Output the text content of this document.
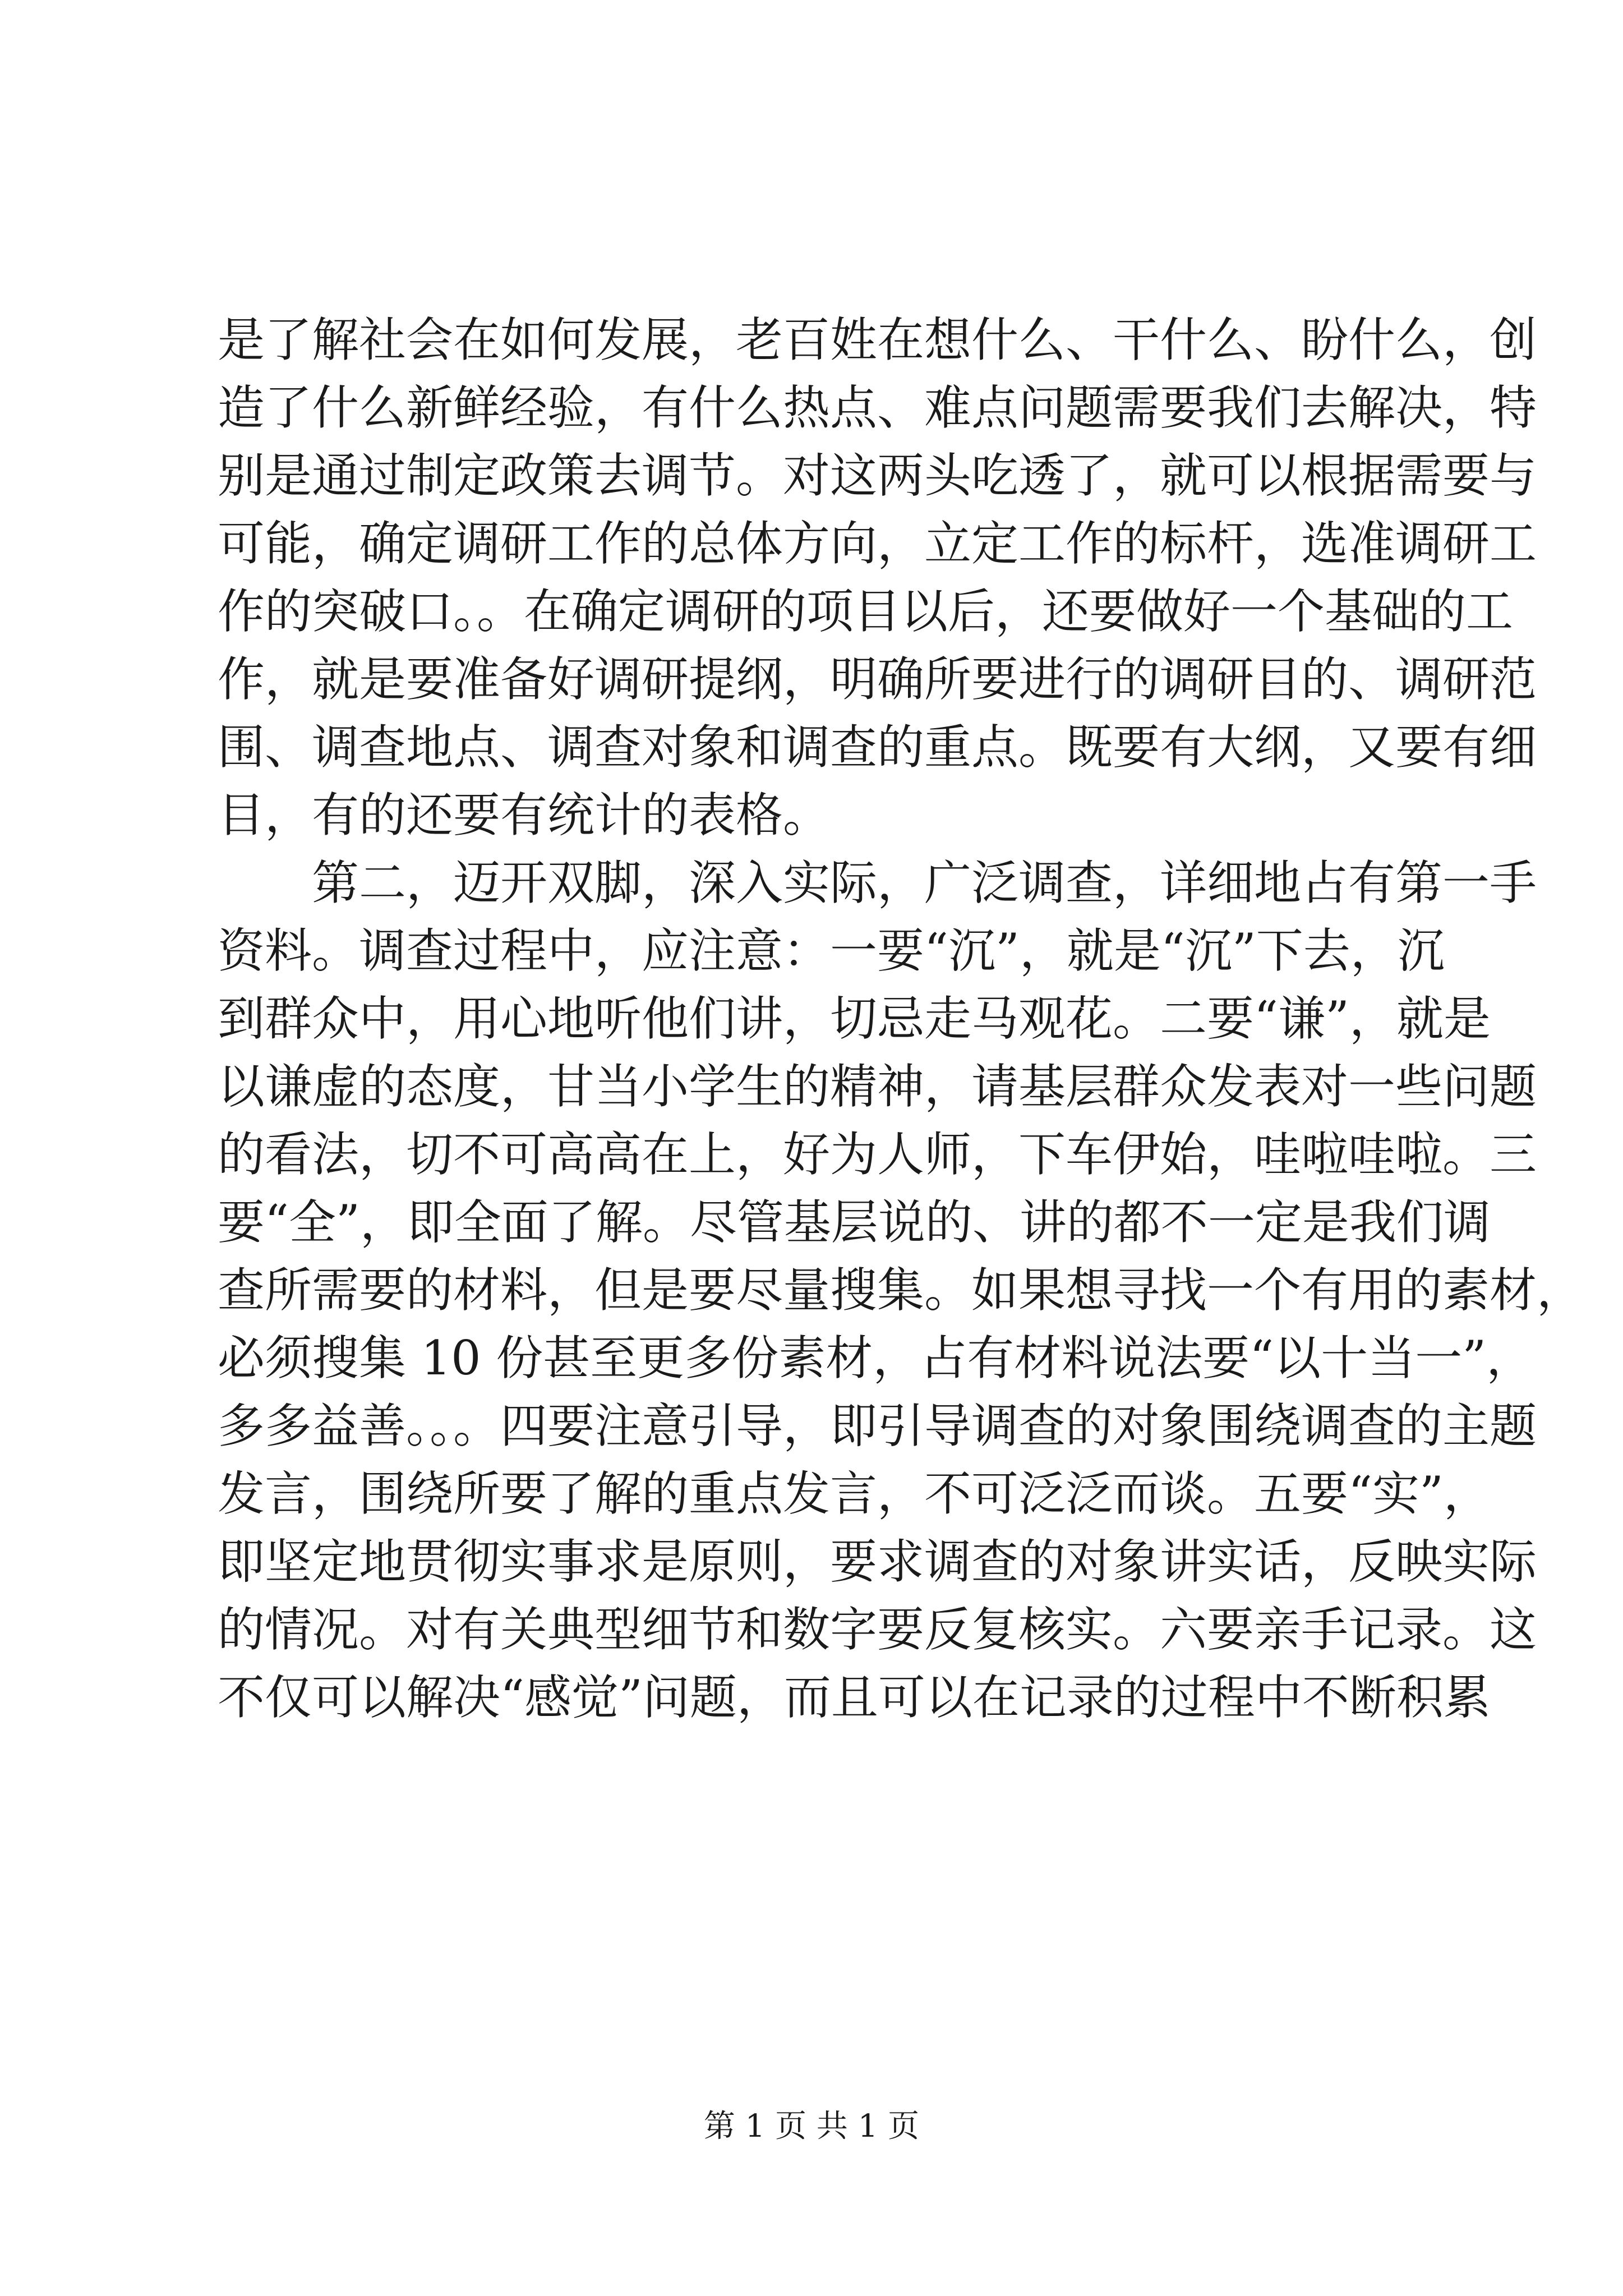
是了解社会在如何发展，老百姓在想什么、干什么、盼什么，创
造了什么新鲜经验，有什么热点、难点问题需要我们去解决，特
别是通过制定政策去调节。对这两头吃透了，就可以根据需要与
可能，确定调研工作的总体方向，立定工作的标杆，选准调研工
作的突破口。。在确定调研的项目以后，还要做好一个基础的工
作，就是要准备好调研提纲，明确所要进行的调研目的、调研范
围、调查地点、调查对象和调查的重点。既要有大纲，又要有细
目，有的还要有统计的表格。
第二，迈开双脚，深入实际，广泛调查，详细地占有第一手
资料。调查过程中，应注意：一要“沉”，就是“沉”下去，沉
到群众中，用心地听他们讲，切忌走马观花。二要“谦”，就是
以谦虚的态度，甘当小学生的精神，请基层群众发表对一些问题
的看法，切不可高高在上，好为人师，下车伊始，哇啦哇啦。三
要“全”，即全面了解。尽管基层说的、讲的都不一定是我们调
查所需要的材料，但是要尽量搜集。如果想寻找一个有用的素材，
必须搜集 10 份甚至更多份素材，占有材料说法要“以十当一”，
多多益善。。。四要注意引导，即引导调查的对象围绕调查的主题
发言，围绕所要了解的重点发言，不可泛泛而谈。五要“实”，
即坚定地贯彻实事求是原则，要求调查的对象讲实话，反映实际
的情况。对有关典型细节和数字要反复核实。六要亲手记录。这
不仅可以解决“感觉”问题，而且可以在记录的过程中不断积累
第 1 页 共 1 页
